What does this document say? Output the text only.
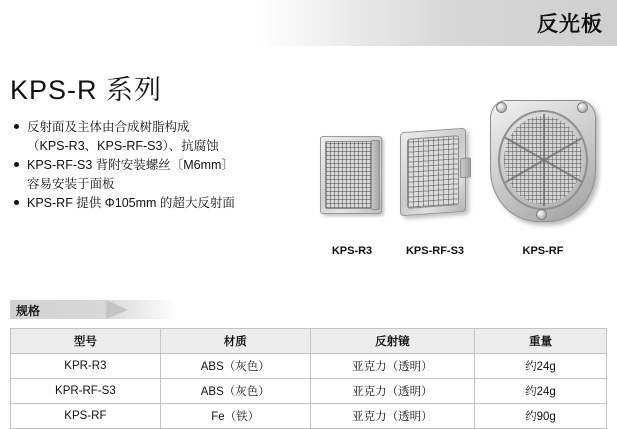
反光板
KPS-R 系列
反射面及主体由合成树脂构成
（KPS-R3、KPS-RF-S3）、抗腐蚀
KPS-RF-S3 背附安装螺丝〔M6mm〕
容易安装于面板
KPS-RF 提供 Φ105mm 的超大反射面
KPS-R3	KPS-RF-S3	KPS-RF
规格
型号	材质	反射镜	重量
KPR-R3	ABS（灰色）	亚克力（透明）	约24g
KPR-RF-S3	ABS（灰色）	亚克力（透明）	约24g
KPS-RF	Fe（铁）	亚克力（透明）	约90g
